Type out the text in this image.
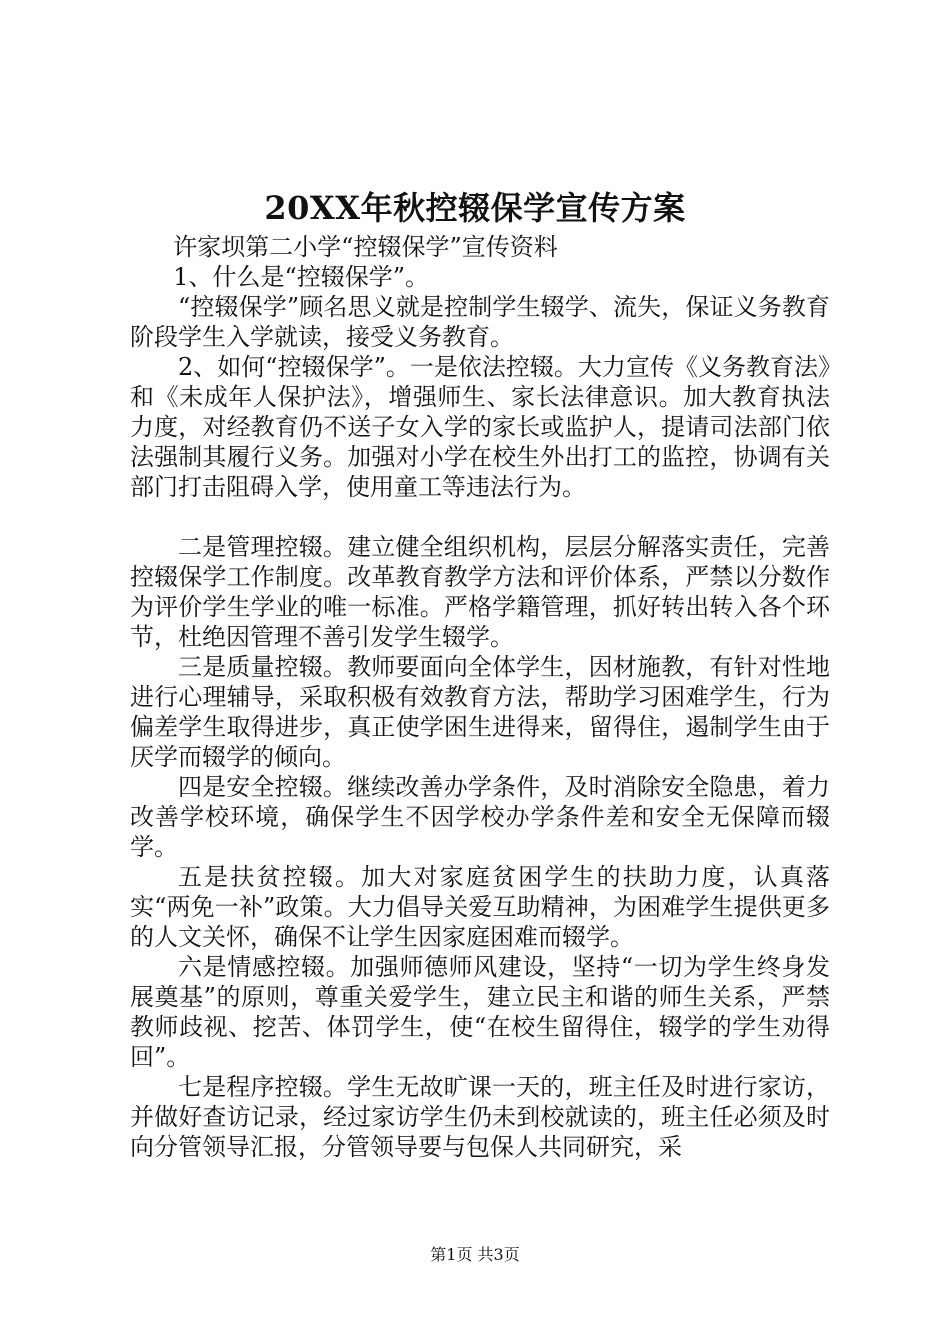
20XX年秋控辍保学宣传方案

许家坝第二小学“控辍保学”宣传资料

1、什么是“控辍保学”。

“控辍保学”顾名思义就是控制学生辍学、流失，保证义务教育阶段学生入学就读，接受义务教育。

2、如何“控辍保学”。一是依法控辍。大力宣传《义务教育法》和《未成年人保护法》，增强师生、家长法律意识。加大教育执法力度，对经教育仍不送子女入学的家长或监护人，提请司法部门依法强制其履行义务。加强对小学在校生外出打工的监控，协调有关部门打击阻碍入学，使用童工等违法行为。

二是管理控辍。建立健全组织机构，层层分解落实责任，完善控辍保学工作制度。改革教育教学方法和评价体系，严禁以分数作为评价学生学业的唯一标准。严格学籍管理，抓好转出转入各个环节，杜绝因管理不善引发学生辍学。

三是质量控辍。教师要面向全体学生，因材施教，有针对性地进行心理辅导，采取积极有效教育方法，帮助学习困难学生，行为偏差学生取得进步，真正使学困生进得来，留得住，遏制学生由于厌学而辍学的倾向。

四是安全控辍。继续改善办学条件，及时消除安全隐患，着力改善学校环境，确保学生不因学校办学条件差和安全无保障而辍学。

五是扶贫控辍。加大对家庭贫困学生的扶助力度，认真落实“两免一补”政策。大力倡导关爱互助精神，为困难学生提供更多的人文关怀，确保不让学生因家庭困难而辍学。

六是情感控辍。加强师德师风建设，坚持“一切为学生终身发展奠基”的原则，尊重关爱学生，建立民主和谐的师生关系，严禁教师歧视、挖苦、体罚学生，使“在校生留得住，辍学的学生劝得回”。

七是程序控辍。学生无故旷课一天的，班主任及时进行家访，并做好查访记录，经过家访学生仍未到校就读的，班主任必须及时向分管领导汇报，分管领导要与包保人共同研究，采

第1页 共3页
